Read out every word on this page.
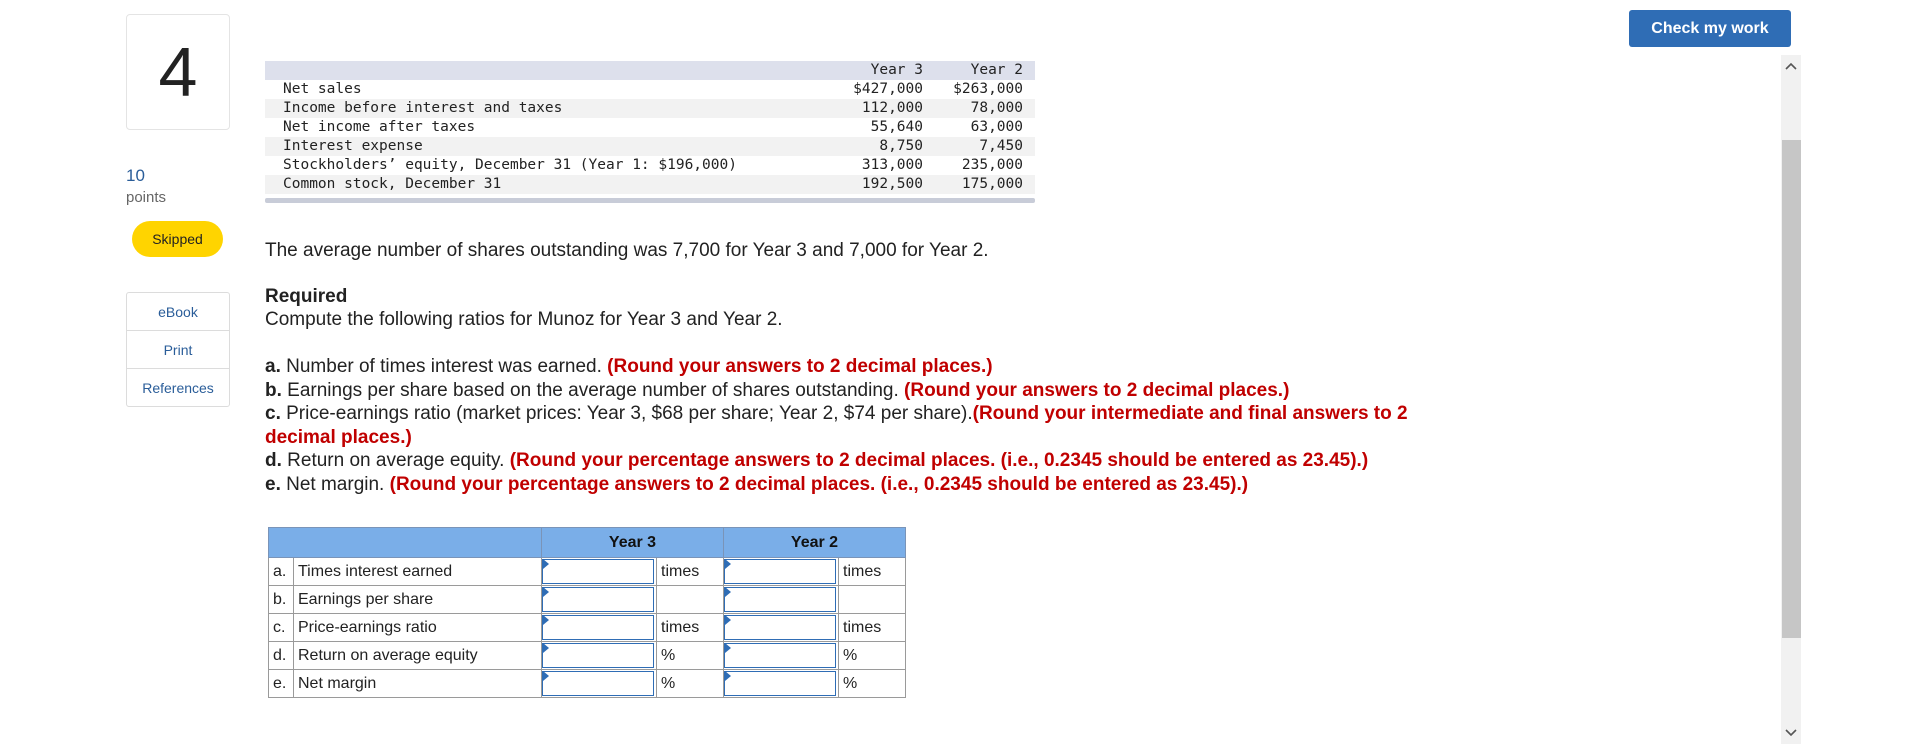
4
10
points
Skipped
eBook
Print
References
Check my work
	Year 3	Year 2
Net sales	$427,000	$263,000
Income before interest and taxes	112,000	78,000
Net income after taxes	55,640	63,000
Interest expense	8,750	7,450
Stockholders’ equity, December 31 (Year 1: $196,000)	313,000	235,000
Common stock, December 31	192,500	175,000
The average number of shares outstanding was 7,700 for Year 3 and 7,000 for Year 2.
Required
Compute the following ratios for Munoz for Year 3 and Year 2.
a. Number of times interest was earned. (Round your answers to 2 decimal places.)
b. Earnings per share based on the average number of shares outstanding. (Round your answers to 2 decimal places.)
c. Price-earnings ratio (market prices: Year 3, $68 per share; Year 2, $74 per share).(Round your intermediate and final answers to 2 decimal places.)
d. Return on average equity. (Round your percentage answers to 2 decimal places. (i.e., 0.2345 should be entered as 23.45).)
e. Net margin. (Round your percentage answers to 2 decimal places. (i.e., 0.2345 should be entered as 23.45).)
		Year 3		Year 2	
a.	Times interest earned		times		times
b.	Earnings per share	

c.	Price-earnings ratio		times		times
d.	Return on average equity		%		%
e.	Net margin		%		%
